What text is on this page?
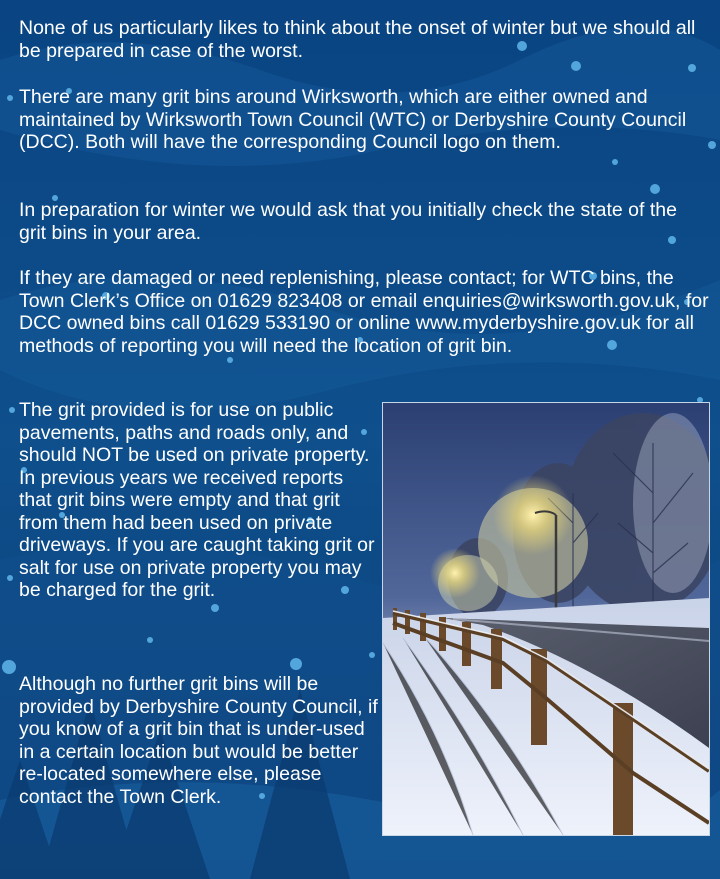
None of us particularly likes to think about the onset of winter but we should all be prepared in case of the worst.

There are many grit bins around Wirksworth, which are either owned and maintained by Wirksworth Town Council (WTC) or Derbyshire County Council (DCC). Both will have the corresponding Council logo on them.

In preparation for winter we would ask that you initially check the state of the grit bins in your area.

If they are damaged or need replenishing, please contact; for WTC bins, the Town Clerk’s Office on 01629 823408 or email enquiries@wirksworth.gov.uk, for DCC owned bins call 01629 533190 or online www.myderbyshire.gov.uk for all methods of reporting you will need the location of grit bin.

The grit provided is for use on public pavements, paths and roads only, and should NOT be used on private property. In previous years we received reports that grit bins were empty and that grit from them had been used on private driveways. If you are caught taking grit or salt for use on private property you may be charged for the grit.

Although no further grit bins will be provided by Derbyshire County Council, if you know of a grit bin that is under-used in a certain location but would be better re-located somewhere else, please contact the Town Clerk.
